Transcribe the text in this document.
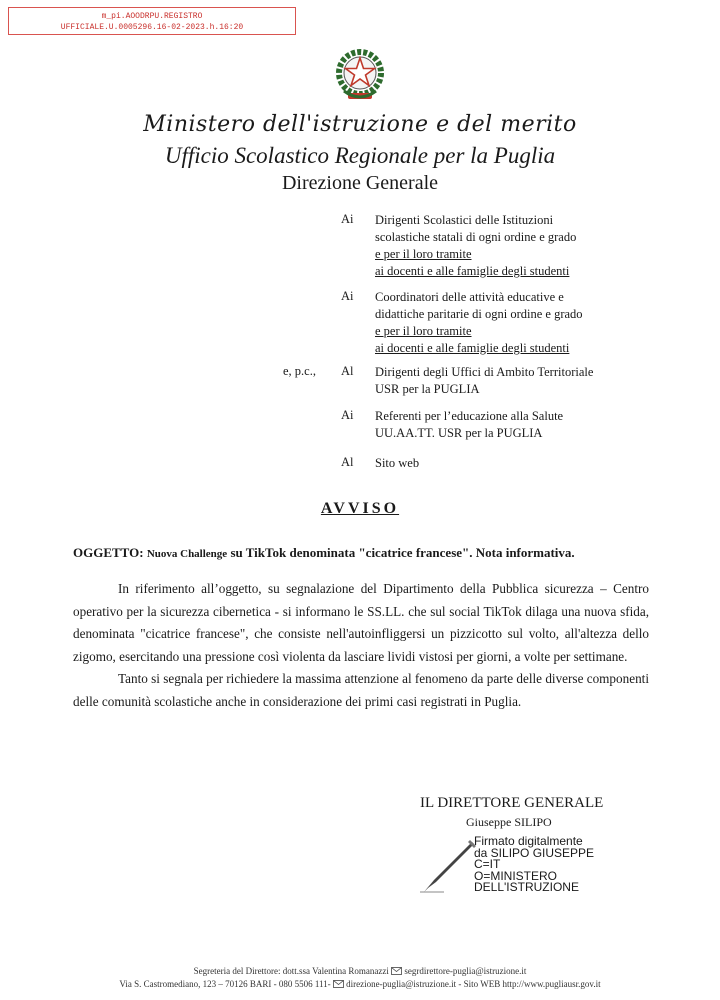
m_pi.AOODRPU.REGISTRO
UFFICIALE.U.0005296.16-02-2023.h.16:20
Ministero dell'istruzione e del merito
Ufficio Scolastico Regionale per la Puglia
Direzione Generale
Ai Dirigenti Scolastici delle Istituzioni
scolastiche statali di ogni ordine e grado
e per il loro tramite
ai docenti e alle famiglie degli studenti
Ai Coordinatori delle attività educative e
didattiche paritarie di ogni ordine e grado
e per il loro tramite
ai docenti e alle famiglie degli studenti
e, p.c., Al Dirigenti degli Uffici di Ambito Territoriale
USR per la PUGLIA
Ai Referenti per l’educazione alla Salute
UU.AA.TT. USR per la PUGLIA
Al Sito web
AVVISO
OGGETTO: Nuova Challenge su TikTok denominata "cicatrice francese". Nota informativa.

In riferimento all’oggetto, su segnalazione del Dipartimento della Pubblica sicurezza – Centro operativo per la sicurezza cibernetica - si informano le SS.LL. che sul social TikTok dilaga una nuova sfida, denominata "cicatrice francese", che consiste nell'autoinfliggersi un pizzicotto sul volto, all'altezza dello zigomo, esercitando una pressione così violenta da lasciare lividi vistosi per giorni, a volte per settimane.

Tanto si segnala per richiedere la massima attenzione al fenomeno da parte delle diverse componenti delle comunità scolastiche anche in considerazione dei primi casi registrati in Puglia.

IL DIRETTORE GENERALE
Giuseppe SILIPO
Firmato digitalmente
da SILIPO GIUSEPPE
C=IT
O=MINISTERO
DELL'ISTRUZIONE
Segreteria del Direttore: dott.ssa Valentina Romanazzi segrdirettore-puglia@istruzione.it
Via S. Castromediano, 123 – 70126 BARI - 080 5506 111- direzione-puglia@istruzione.it - Sito WEB http://www.pugliausr.gov.it
